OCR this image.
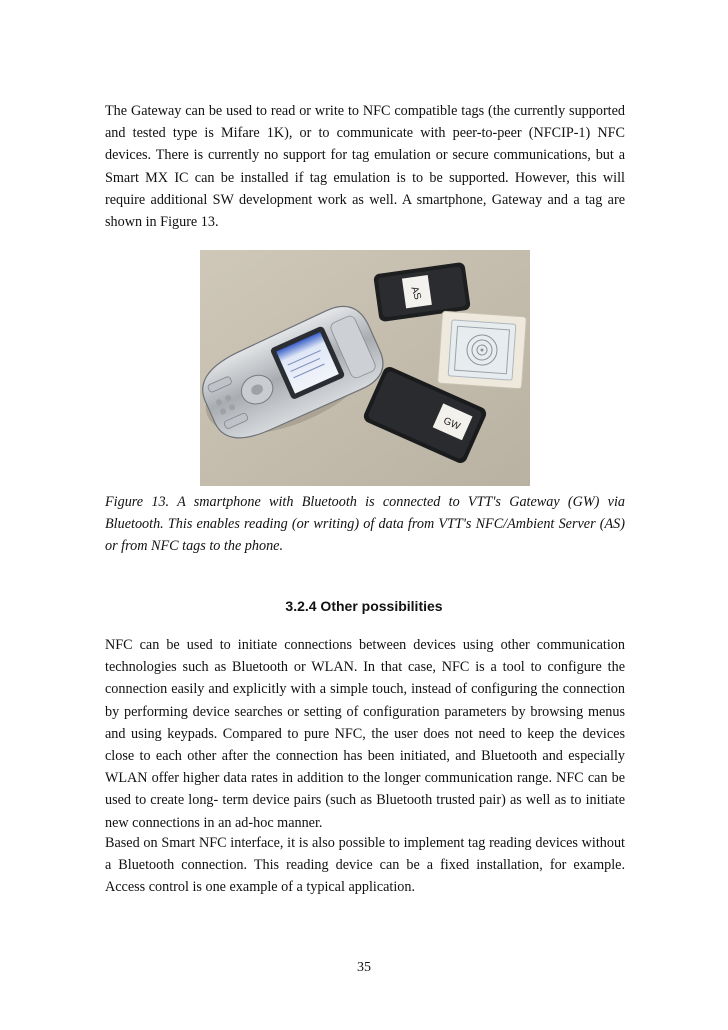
The Gateway can be used to read or write to NFC compatible tags (the currently supported and tested type is Mifare 1K), or to communicate with peer-to-peer (NFCIP-1) NFC devices. There is currently no support for tag emulation or secure communications, but a Smart MX IC can be installed if tag emulation is to be supported. However, this will require additional SW development work as well. A smartphone, Gateway and a tag are shown in Figure 13.

AS
GW

Figure 13. A smartphone with Bluetooth is connected to VTT's Gateway (GW) via Bluetooth. This enables reading (or writing) of data from VTT's NFC/Ambient Server (AS) or from NFC tags to the phone.

3.2.4 Other possibilities

NFC can be used to initiate connections between devices using other communication technologies such as Bluetooth or WLAN. In that case, NFC is a tool to configure the connection easily and explicitly with a simple touch, instead of configuring the connection by performing device searches or setting of configuration parameters by browsing menus and using keypads. Compared to pure NFC, the user does not need to keep the devices close to each other after the connection has been initiated, and Bluetooth and especially WLAN offer higher data rates in addition to the longer communication range. NFC can be used to create long- term device pairs (such as Bluetooth trusted pair) as well as to initiate new connections in an ad-hoc manner.

Based on Smart NFC interface, it is also possible to implement tag reading devices without a Bluetooth connection. This reading device can be a fixed installation, for example. Access control is one example of a typical application.

35
